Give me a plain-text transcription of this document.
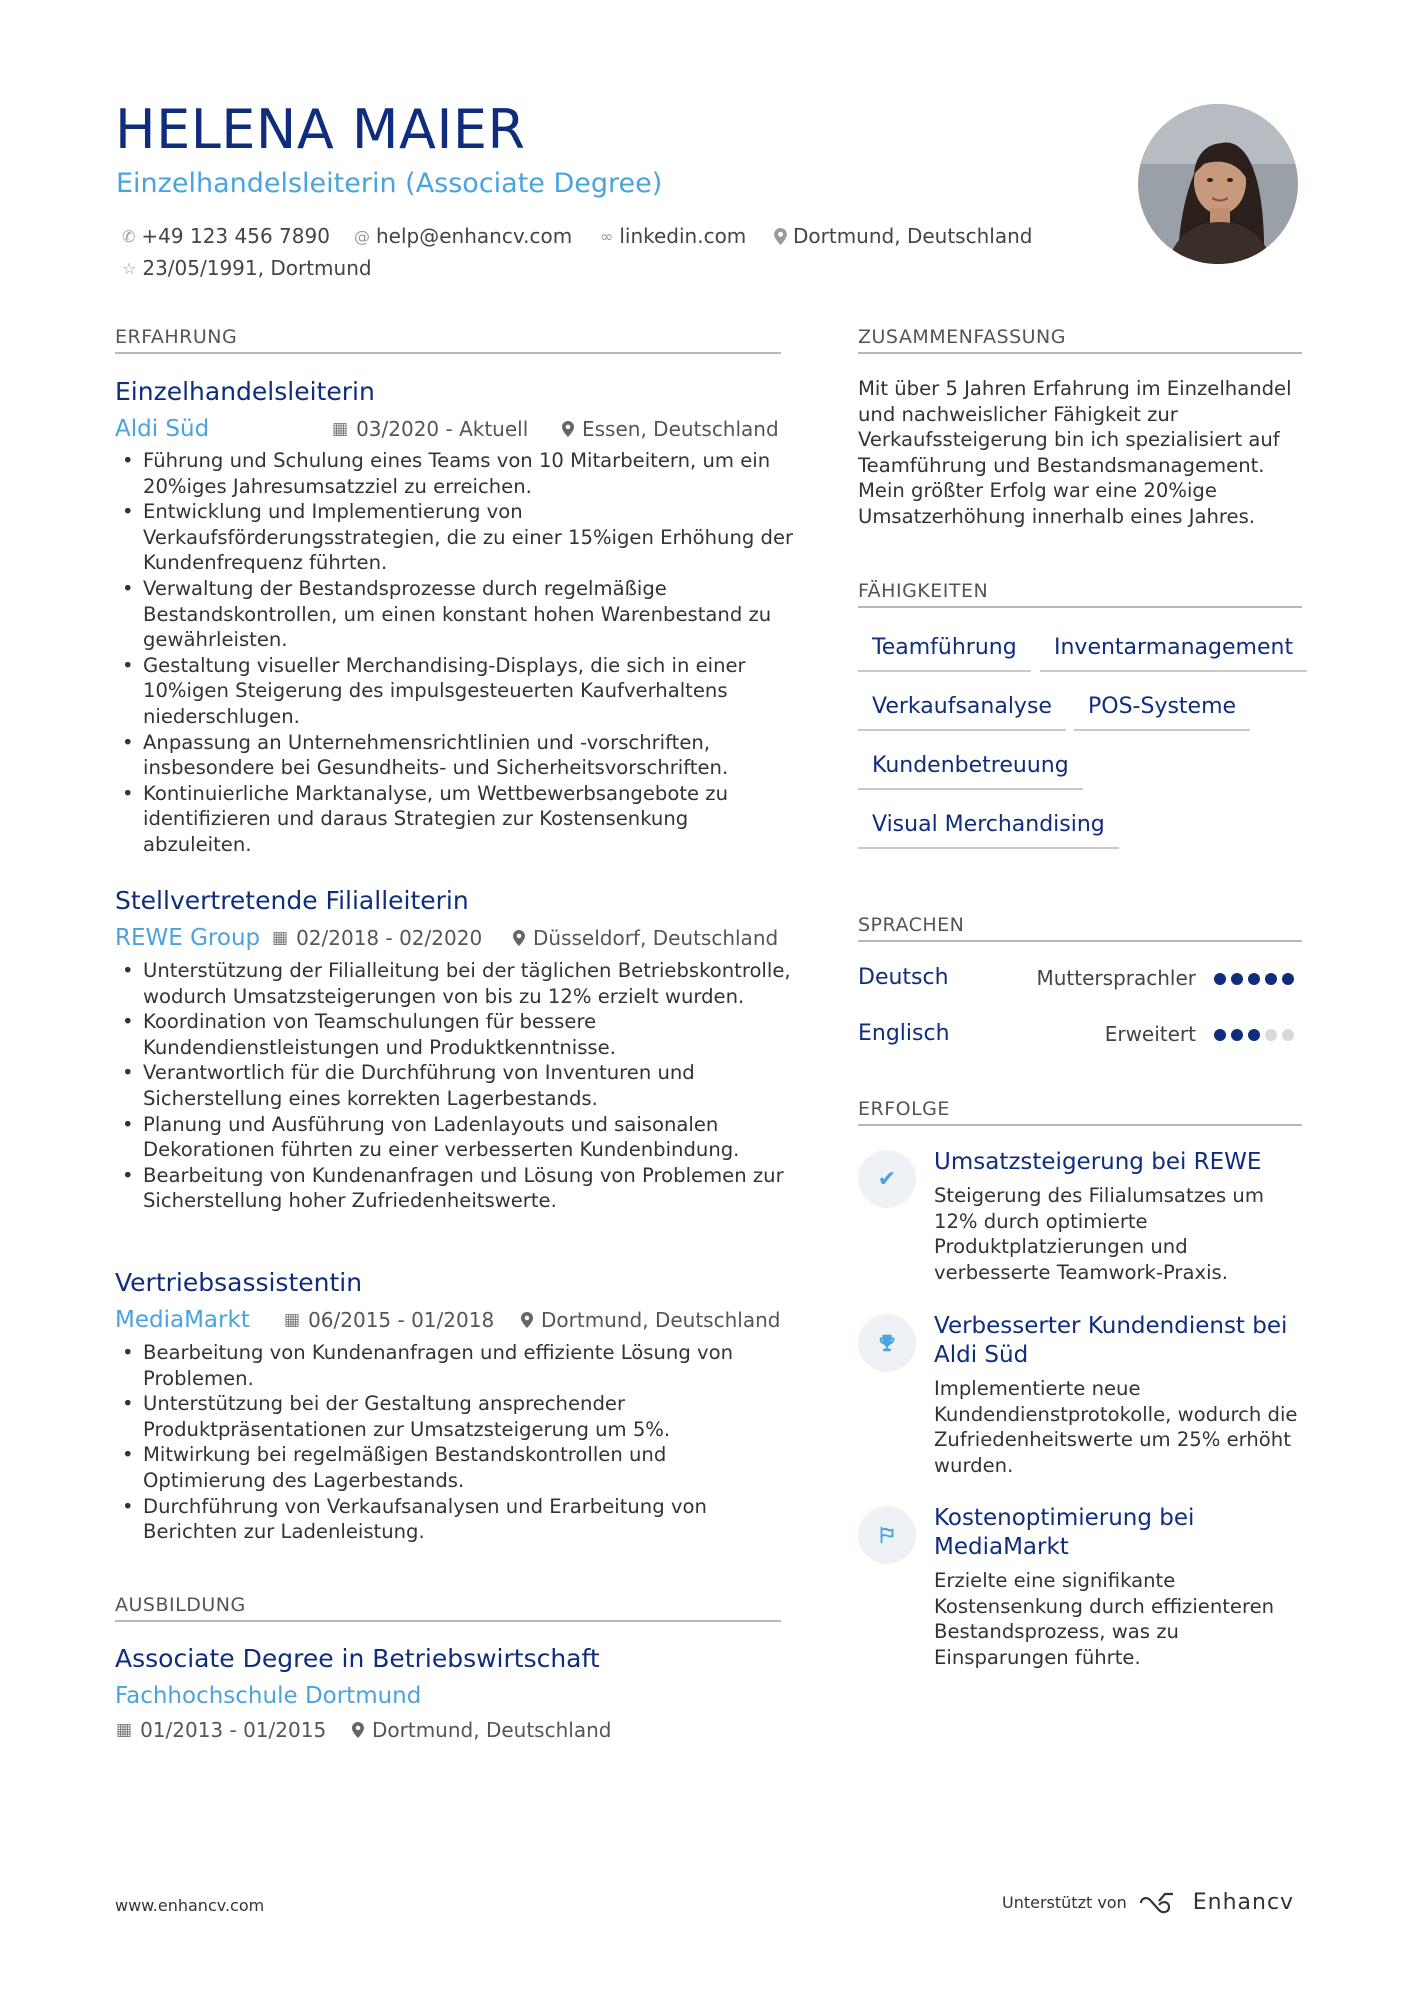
HELENA MAIER
Einzelhandelsleiterin (Associate Degree)
✆ +49 123 456 7890 @ help@enhancv.com ∞ linkedin.com Dortmund, Deutschland
☆ 23/05/1991, Dortmund
ERFAHRUNG
Einzelhandelsleiterin
Aldi Süd	▦ 03/2020 - Aktuell	Essen, Deutschland
• Führung und Schulung eines Teams von 10 Mitarbeitern, um ein 20%iges Jahresumsatzziel zu erreichen.
• Entwicklung und Implementierung von Verkaufsförderungsstrategien, die zu einer 15%igen Erhöhung der Kundenfrequenz führten.
• Verwaltung der Bestandsprozesse durch regelmäßige Bestandskontrollen, um einen konstant hohen Warenbestand zu gewährleisten.
• Gestaltung visueller Merchandising-Displays, die sich in einer 10%igen Steigerung des impulsgesteuerten Kaufverhaltens niederschlugen.
• Anpassung an Unternehmensrichtlinien und -vorschriften, insbesondere bei Gesundheits- und Sicherheitsvorschriften.
• Kontinuierliche Marktanalyse, um Wettbewerbsangebote zu identifizieren und daraus Strategien zur Kostensenkung abzuleiten.
Stellvertretende Filialleiterin
REWE Group ▦ 02/2018 - 02/2020	Düsseldorf, Deutschland
• Unterstützung der Filialleitung bei der täglichen Betriebskontrolle, wodurch Umsatzsteigerungen von bis zu 12% erzielt wurden.
• Koordination von Teamschulungen für bessere Kundendienstleistungen und Produktkenntnisse.
• Verantwortlich für die Durchführung von Inventuren und Sicherstellung eines korrekten Lagerbestands.
• Planung und Ausführung von Ladenlayouts und saisonalen Dekorationen führten zu einer verbesserten Kundenbindung.
• Bearbeitung von Kundenanfragen und Lösung von Problemen zur Sicherstellung hoher Zufriedenheitswerte.
Vertriebsassistentin
MediaMarkt ▦ 06/2015 - 01/2018 Dortmund, Deutschland
• Bearbeitung von Kundenanfragen und effiziente Lösung von Problemen.
• Unterstützung bei der Gestaltung ansprechender Produktpräsentationen zur Umsatzsteigerung um 5%.
• Mitwirkung bei regelmäßigen Bestandskontrollen und Optimierung des Lagerbestands.
• Durchführung von Verkaufsanalysen und Erarbeitung von Berichten zur Ladenleistung.
AUSBILDUNG
Associate Degree in Betriebswirtschaft
Fachhochschule Dortmund
▦ 01/2013 - 01/2015 Dortmund, Deutschland
ZUSAMMENFASSUNG
Mit über 5 Jahren Erfahrung im Einzelhandel und nachweislicher Fähigkeit zur Verkaufssteigerung bin ich spezialisiert auf Teamführung und Bestandsmanagement. Mein größter Erfolg war eine 20%ige Umsatzerhöhung innerhalb eines Jahres.
FÄHIGKEITEN
Teamführung	Inventarmanagement
Verkaufsanalyse	POS-Systeme
Kundenbetreuung
Visual Merchandising
SPRACHEN
Deutsch	Muttersprachler
Englisch	Erweitert
ERFOLGE
✔
Umsatzsteigerung bei REWE
Steigerung des Filialumsatzes um 12% durch optimierte Produktplatzierungen und verbesserte Teamwork-Praxis.
Verbesserter Kundendienst bei Aldi Süd
Implementierte neue Kundendienstprotokolle, wodurch die Zufriedenheitswerte um 25% erhöht wurden.
Kostenoptimierung bei MediaMarkt
Erzielte eine signifikante Kostensenkung durch effizienteren Bestandsprozess, was zu Einsparungen führte.
www.enhancv.com	Unterstützt von	Enhancv
